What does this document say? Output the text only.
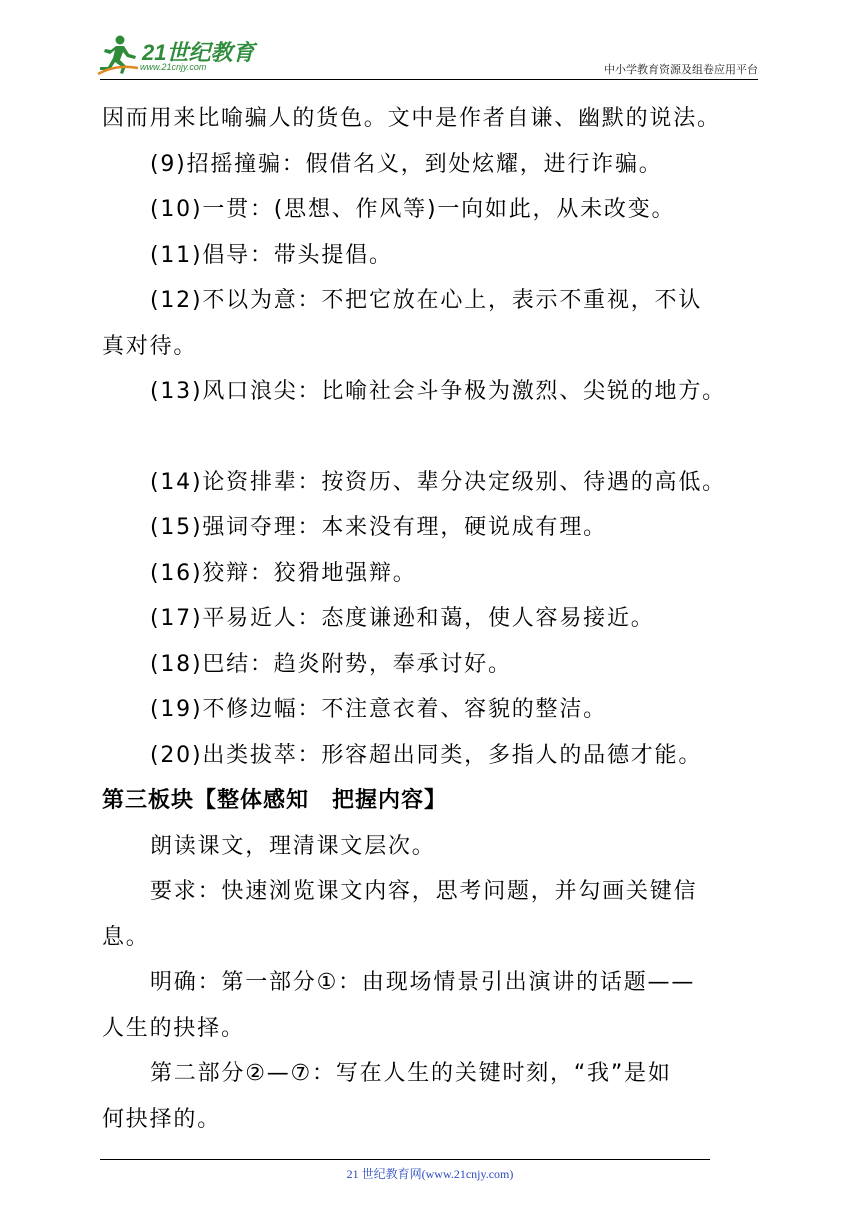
21世纪教育
www.21cnjy.com	中小学教育资源及组卷应用平台
因而用来比喻骗人的货色。文中是作者自谦、幽默的说法。
(9)招摇撞骗：假借名义，到处炫耀，进行诈骗。
(10)一贯：(思想、作风等)一向如此，从未改变。
(11)倡导：带头提倡。
(12)不以为意：不把它放在心上，表示不重视，不认
真对待。
(13)风口浪尖：比喻社会斗争极为激烈、尖锐的地方。
(14)论资排辈：按资历、辈分决定级别、待遇的高低。
(15)强词夺理：本来没有理，硬说成有理。
(16)狡辩：狡猾地强辩。
(17)平易近人：态度谦逊和蔼，使人容易接近。
(18)巴结：趋炎附势，奉承讨好。
(19)不修边幅：不注意衣着、容貌的整洁。
(20)出类拔萃：形容超出同类，多指人的品德才能。
第三板块【整体感知　把握内容】
朗读课文，理清课文层次。
要求：快速浏览课文内容，思考问题，并勾画关键信
息。
明确：第一部分①：由现场情景引出演讲的话题——
人生的抉择。
第二部分②—⑦：写在人生的关键时刻，“我”是如
何抉择的。
21 世纪教育网(www.21cnjy.com)
